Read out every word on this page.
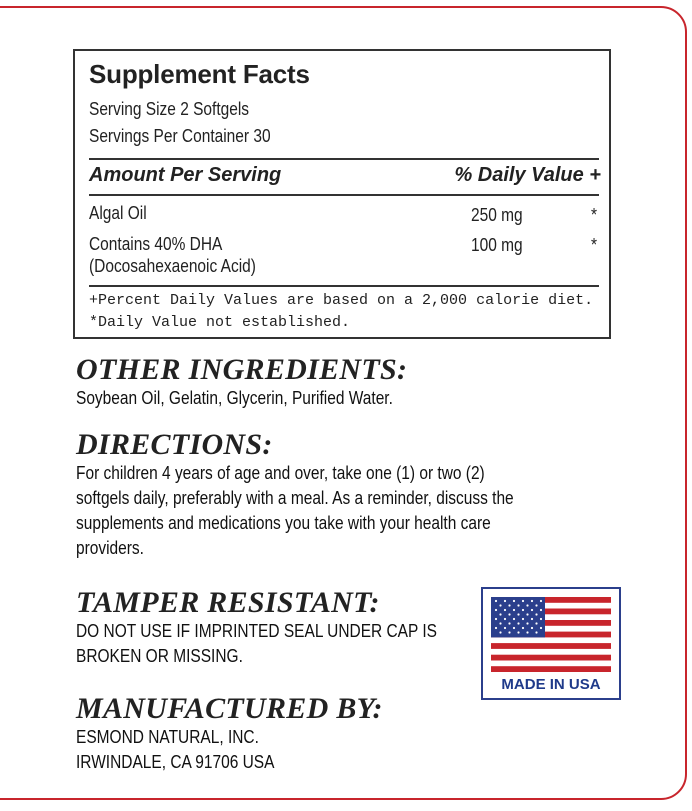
Supplement Facts
Serving Size 2 Softgels
Servings Per Container 30
Amount Per Serving	% Daily Value +
Algal Oil	250 mg	*
Contains 40% DHA
(Docosahexaenoic Acid)
100 mg	*
+Percent Daily Values are based on a 2,000 calorie diet.
*Daily Value not established.
OTHER INGREDIENTS:
Soybean Oil, Gelatin, Glycerin, Purified Water.
DIRECTIONS:
For children 4 years of age and over, take one (1) or two (2)
softgels daily, preferably with a meal. As a reminder, discuss the
supplements and medications you take with your health care
providers.
TAMPER RESISTANT:
DO NOT USE IF IMPRINTED SEAL UNDER CAP IS
BROKEN OR MISSING.
MANUFACTURED BY:
ESMOND NATURAL, INC.
IRWINDALE, CA 91706 USA
MADE IN USA
